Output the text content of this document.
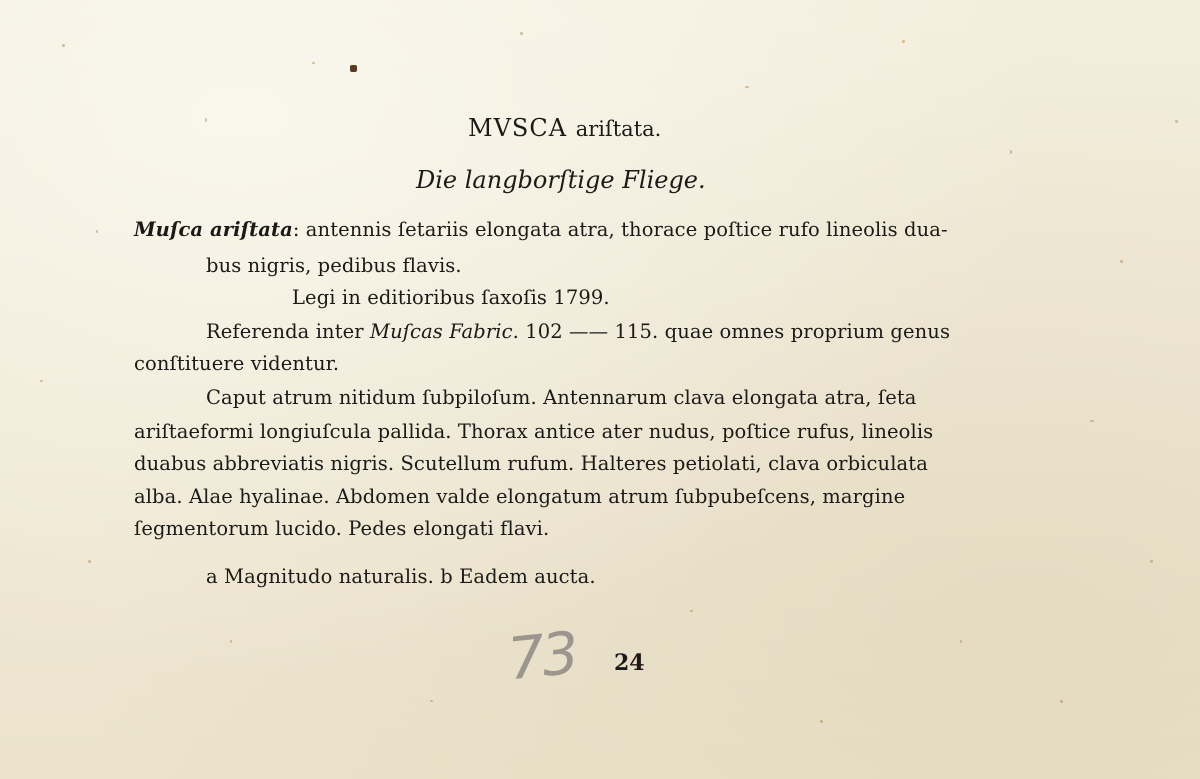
MVSCA ariſtata.
Die langborſtige Fliege.
Muſca ariſtata: antennis ſetariis elongata atra, thorace poſtice rufo lineolis dua-
bus nigris, pedibus flavis.
Legi in editioribus ſaxoſis 1799.
Referenda inter Muſcas Fabric. 102 —— 115. quae omnes proprium genus
conſtituere videntur.
Caput atrum nitidum ſubpiloſum. Antennarum clava elongata atra, ſeta
ariſtaeformi longiuſcula pallida. Thorax antice ater nudus, poſtice rufus, lineolis
duabus abbreviatis nigris. Scutellum rufum. Halteres petiolati, clava orbiculata
alba. Alae hyalinae. Abdomen valde elongatum atrum ſubpubeſcens, margine
ſegmentorum lucido. Pedes elongati flavi.
a Magnitudo naturalis. b Eadem aucta.
73 24
